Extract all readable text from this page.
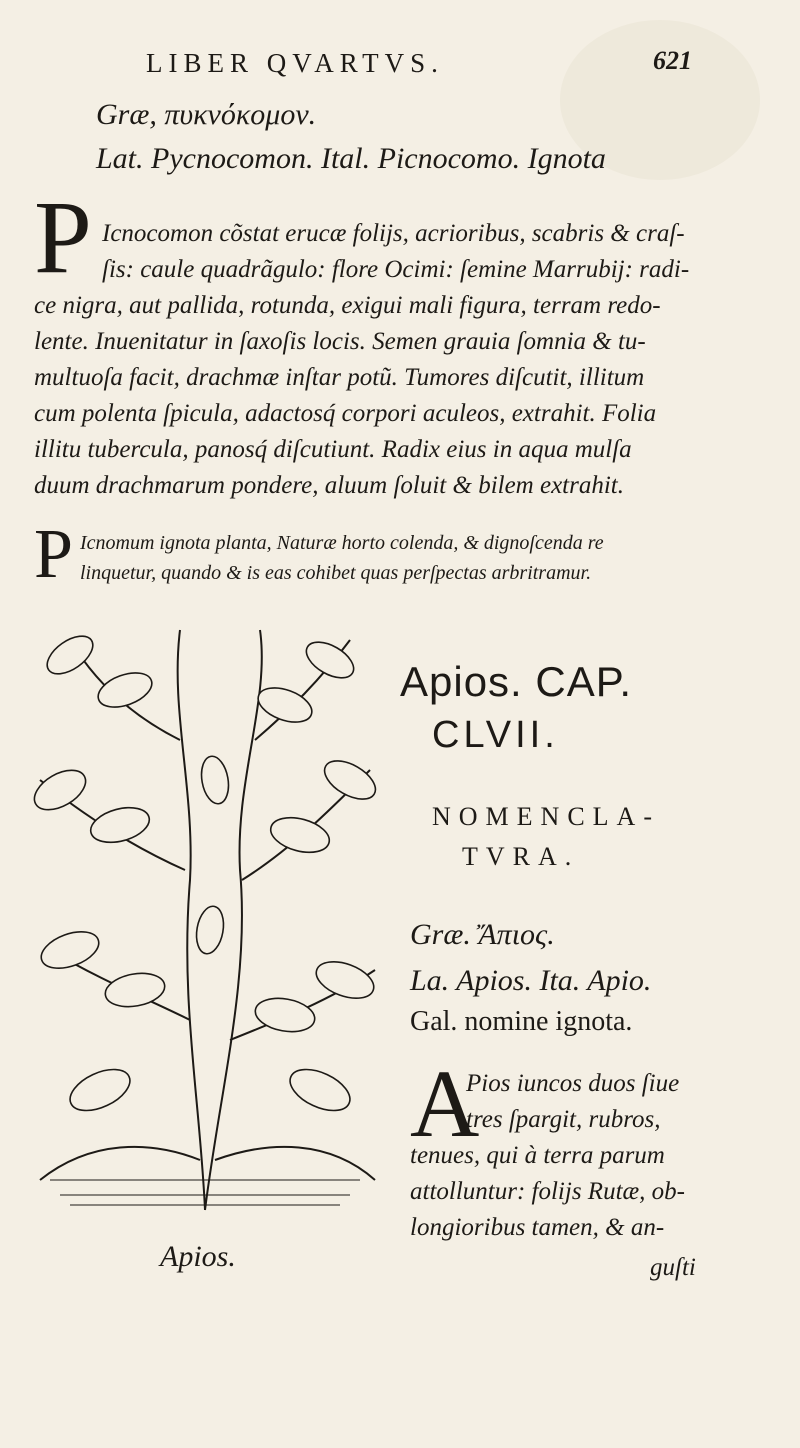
LIBER QVARTVS.	621
Græ, πυκνόκομον.
Lat. Pycnocomon. Ital. Picnocomo. Ignota
P Icnocomon cõstat erucæ folijs, acrioribus, scabris & craſ-
ſis: caule quadrãgulo: flore Ocimi: ſemine Marrubij: radi-
ce nigra, aut pallida, rotunda, exigui mali figura, terram redo-
lente. Inuenitatur in ſaxoſis locis. Semen grauia ſomnia & tu-
multuoſa facit, drachmæ inſtar potũ. Tumores diſcutit, illitum
cum polenta ſpicula, adactosq́ corpori aculeos, extrahit. Folia
illitu tubercula, panosq́ diſcutiunt. Radix eius in aqua mulſa
duum drachmarum pondere, aluum ſoluit & bilem extrahit.
P Icnomum ignota planta, Naturæ horto colenda, & dignoſcenda re
linquetur, quando & is eas cohibet quas perſpectas arbritramur.
Apios.
Apios. CAP.
CLVII.
NOMENCLA-
TVRA.
Græ. Ἄπιος.
La. Apios. Ita. Apio.
Gal. nomine ignota.
A
Pios iuncos duos ſiue
tres ſpargit, rubros,
tenues, qui à terra parum
attolluntur: folijs Rutæ, ob-
longioribus tamen, & an-
guſti
